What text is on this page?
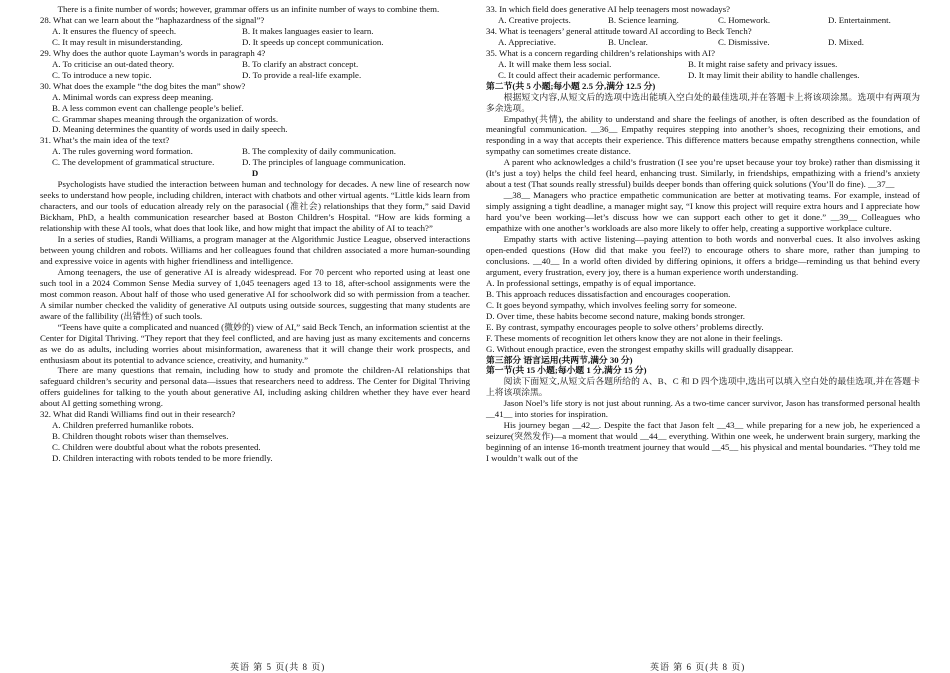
There is a finite number of words; however, grammar offers us an infinite number of ways to combine them.

28. What can we learn about the “haphazardness of the signal”?

A. It ensures the fluency of speech.	B. It makes languages easier to learn.
C. It may result in misunderstanding.	D. It speeds up concept communication.

29. Why does the author quote Layman’s words in paragraph 4?

A. To criticise an out-dated theory.	B. To clarify an abstract concept.
C. To introduce a new topic.	D. To provide a real-life example.

30. What does the example “the dog bites the man” show?

A. Minimal words can express deep meaning.

B. A less common event can challenge people’s belief.

C. Grammar shapes meaning through the organization of words.

D. Meaning determines the quantity of words used in daily speech.

31. What’s the main idea of the text?

A. The rules governing word formation.	B. The complexity of daily communication.
C. The development of grammatical structure.	D. The principles of language communication.

D

Psychologists have studied the interaction between human and technology for decades. A new line of research now seeks to understand how people, including children, interact with chatbots and other virtual agents. “Little kids learn from characters, and our tools of education already rely on the parasocial (准社会) relationships that they form,” said David Bickham, PhD, a health communication researcher based at Boston Children’s Hospital. “How are kids forming a relationship with these AI tools, what does that look like, and how might that impact the ability of AI to teach?”

In a series of studies, Randi Williams, a program manager at the Algorithmic Justice League, observed interactions between young children and robots. Williams and her colleagues found that children associated a more human-sounding and expressive voice in agents with higher friendliness and intelligence.

Among teenagers, the use of generative AI is already widespread. For 70 percent who reported using at least one such tool in a 2024 Common Sense Media survey of 1,045 teenagers aged 13 to 18, after-school assignments were the most common reason. About half of those who used generative AI for schoolwork did so with permission from a teacher. A similar number checked the validity of generative AI outputs using outside sources, suggesting that many students are aware of the fallibility (出错性) of such tools.

“Teens have quite a complicated and nuanced (微妙的) view of AI,” said Beck Tench, an information scientist at the Center for Digital Thriving. “They report that they feel conflicted, and are having just as many excitements and concerns as we do as adults, including worries about misinformation, awareness that it will change their work prospects, and enthusiasm about its potential to advance science, creativity, and humanity.”

There are many questions that remain, including how to study and promote the children-AI relationships that safeguard children’s security and personal data—issues that researchers need to address. The Center for Digital Thriving offers guidelines for talking to the youth about generative AI, including asking children whether they have ever heard about AI getting something wrong.

32. What did Randi Williams find out in their research?

A. Children preferred humanlike robots.

B. Children thought robots wiser than themselves.

C. Children were doubtful about what the robots presented.

D. Children interacting with robots tended to be more friendly.

33. In which field does generative AI help teenagers most nowadays?

A. Creative projects.	B. Science learning.	C. Homework.	D. Entertainment.

34. What is teenagers’ general attitude toward AI according to Beck Tench?

A. Appreciative.	B. Unclear.	C. Dismissive.	D. Mixed.

35. What is a concern regarding children’s relationships with AI?

A. It will make them less social.	B. It might raise safety and privacy issues.
C. It could affect their academic performance.	D. It may limit their ability to handle challenges.

第二节(共 5 小题;每小题 2.5 分,满分 12.5 分)

根据短文内容,从短文后的选项中选出能填入空白处的最佳选项,并在答题卡上将该项涂黑。选项中有两项为多余选项。

Empathy(共情), the ability to understand and share the feelings of another, is often described as the foundation of meaningful communication. __36__ Empathy requires stepping into another’s shoes, recognizing their emotions, and responding in a way that accepts their experience. This difference matters because empathy strengthens connection, while sympathy can sometimes create distance.

A parent who acknowledges a child’s frustration (I see you’re upset because your toy broke) rather than dismissing it (It’s just a toy) helps the child feel heard, enhancing trust. Similarly, in friendships, empathizing with a friend’s anxiety about a test (That sounds really stressful) builds deeper bonds than offering quick solutions (You’ll do fine). __37__

__38__ Managers who practice empathetic communication are better at motivating teams. For example, instead of simply assigning a tight deadline, a manager might say, “I know this project will require extra hours and I appreciate how hard you’ve been working—let’s discuss how we can support each other to get it done.” __39__ Colleagues who empathize with one another’s workloads are also more likely to offer help, creating a supportive workplace culture.

Empathy starts with active listening—paying attention to both words and nonverbal cues. It also involves asking open-ended questions (How did that make you feel?) to encourage others to share more, rather than jumping to conclusions. __40__ In a world often divided by differing opinions, it offers a bridge—reminding us that behind every argument, every frustration, every joy, there is a human experience worth understanding.

A. In professional settings, empathy is of equal importance.

B. This approach reduces dissatisfaction and encourages cooperation.

C. It goes beyond sympathy, which involves feeling sorry for someone.

D. Over time, these habits become second nature, making bonds stronger.

E. By contrast, sympathy encourages people to solve others’ problems directly.

F. These moments of recognition let others know they are not alone in their feelings.

G. Without enough practice, even the strongest empathy skills will gradually disappear.

第三部分 语言运用(共两节,满分 30 分)

第一节(共 15 小题;每小题 1 分,满分 15 分)

阅读下面短文,从短文后各题所给的 A、B、C 和 D 四个选项中,选出可以填入空白处的最佳选项,并在答题卡上将该项涂黑。

Jason Noel’s life story is not just about running. As a two-time cancer survivor, Jason has transformed personal health __41__ into stories for inspiration.

His journey began __42__. Despite the fact that Jason felt __43__ while preparing for a new job, he experienced a seizure(突然发作)—a moment that would __44__ everything. Within one week, he underwent brain surgery, marking the beginning of an intense 16-month treatment journey that would __45__ his physical and mental boundaries. “They told me I wouldn’t walk out of the

英语 第 5 页(共 8 页)	英语 第 6 页(共 8 页)
